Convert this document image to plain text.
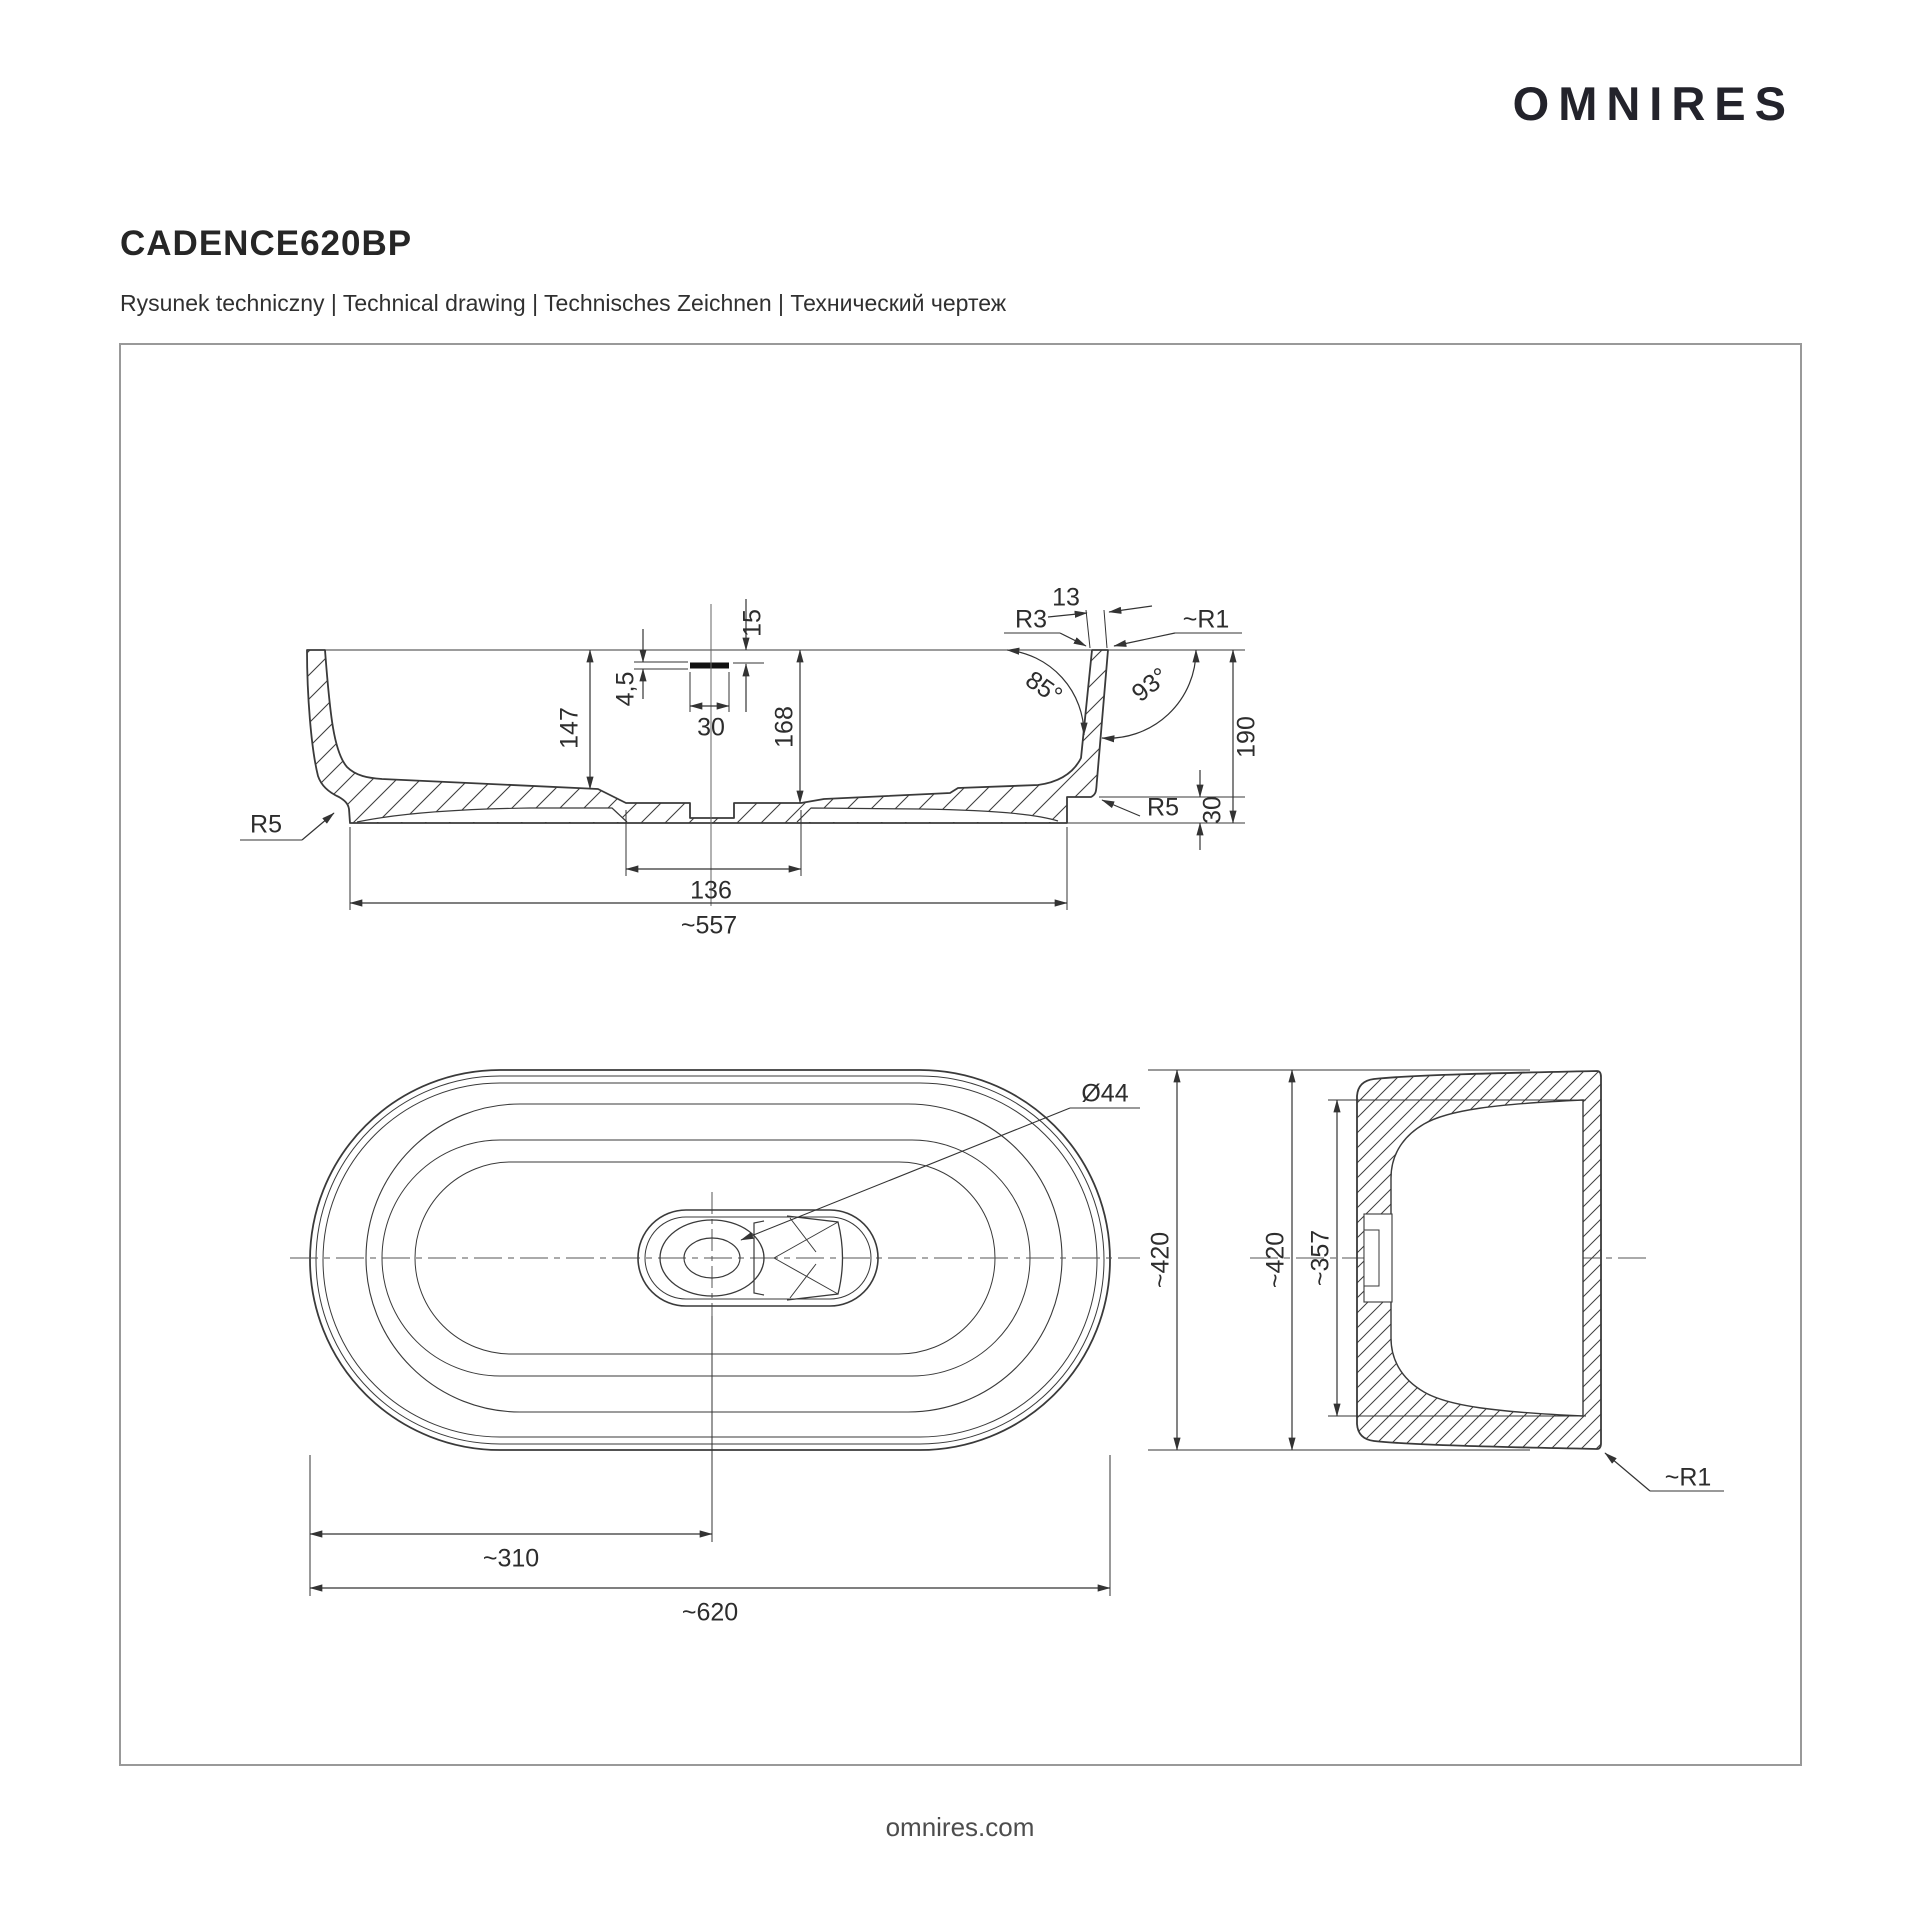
OMNIRES
CADENCE620BP
Rysunek techniczny | Technical drawing | Technisches Zeichnen | Технический чертеж
15
4,5
30
147	168
13
R3	~R1
85° 93°
190
30
R5
R5
136
~557
Ø44
~420
~310
~620
~420 ~357
~R1
omnires.com
